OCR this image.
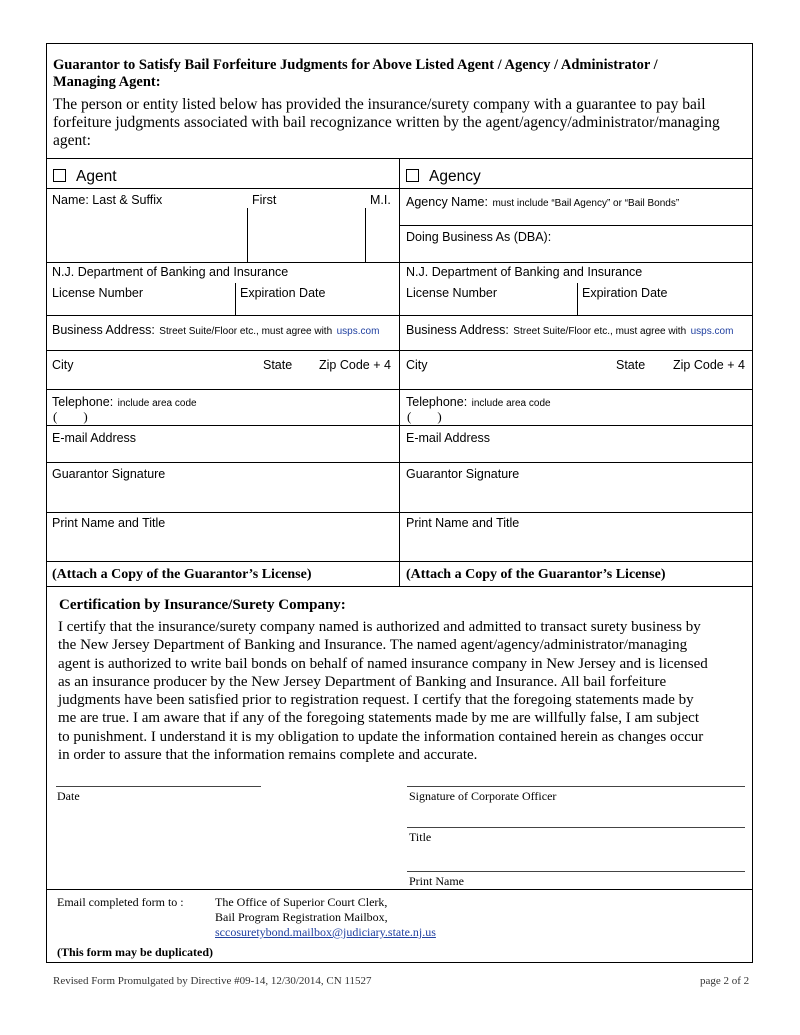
Guarantor to Satisfy Bail Forfeiture Judgments for Above Listed Agent / Agency / Administrator /
Managing Agent:
The person or entity listed below has provided the insurance/surety company with a guarantee to pay bail
forfeiture judgments associated with bail recognizance written by the agent/agency/administrator/managing
agent:
Agent
Name: Last & Suffix	First	M.I.
N.J. Department of Banking and Insurance
License Number	Expiration Date
Business Address: Street Suite/Floor etc., must agree with usps.com
City	State Zip Code + 4
Telephone: include area code
(        )
E-mail Address
Guarantor Signature
Print Name and Title
(Attach a Copy of the Guarantor’s License)
Agency
Agency Name: must include “Bail Agency” or “Bail Bonds”
Doing Business As (DBA):
N.J. Department of Banking and Insurance
License Number	Expiration Date
Business Address: Street Suite/Floor etc., must agree with usps.com
City	State Zip Code + 4
Telephone: include area code
(        )
E-mail Address
Guarantor Signature
Print Name and Title
(Attach a Copy of the Guarantor’s License)
Certification by Insurance/Surety Company:
I certify that the insurance/surety company named is authorized and admitted to transact surety business by
the New Jersey Department of Banking and Insurance. The named agent/agency/administrator/managing
agent is authorized to write bail bonds on behalf of named insurance company in New Jersey and is licensed
as an insurance producer by the New Jersey Department of Banking and Insurance. All bail forfeiture
judgments have been satisfied prior to registration request. I certify that the foregoing statements made by
me are true. I am aware that if any of the foregoing statements made by me are willfully false, I am subject
to punishment. I understand it is my obligation to update the information contained herein as changes occur
in order to assure that the information remains complete and accurate.
Date	Signature of Corporate Officer
Title
Print Name
Email completed form to :	The Office of Superior Court Clerk,
Bail Program Registration Mailbox,
sccosuretybond.mailbox@judiciary.state.nj.us
(This form may be duplicated)
Revised Form Promulgated by Directive #09-14, 12/30/2014, CN 11527	page 2 of 2
